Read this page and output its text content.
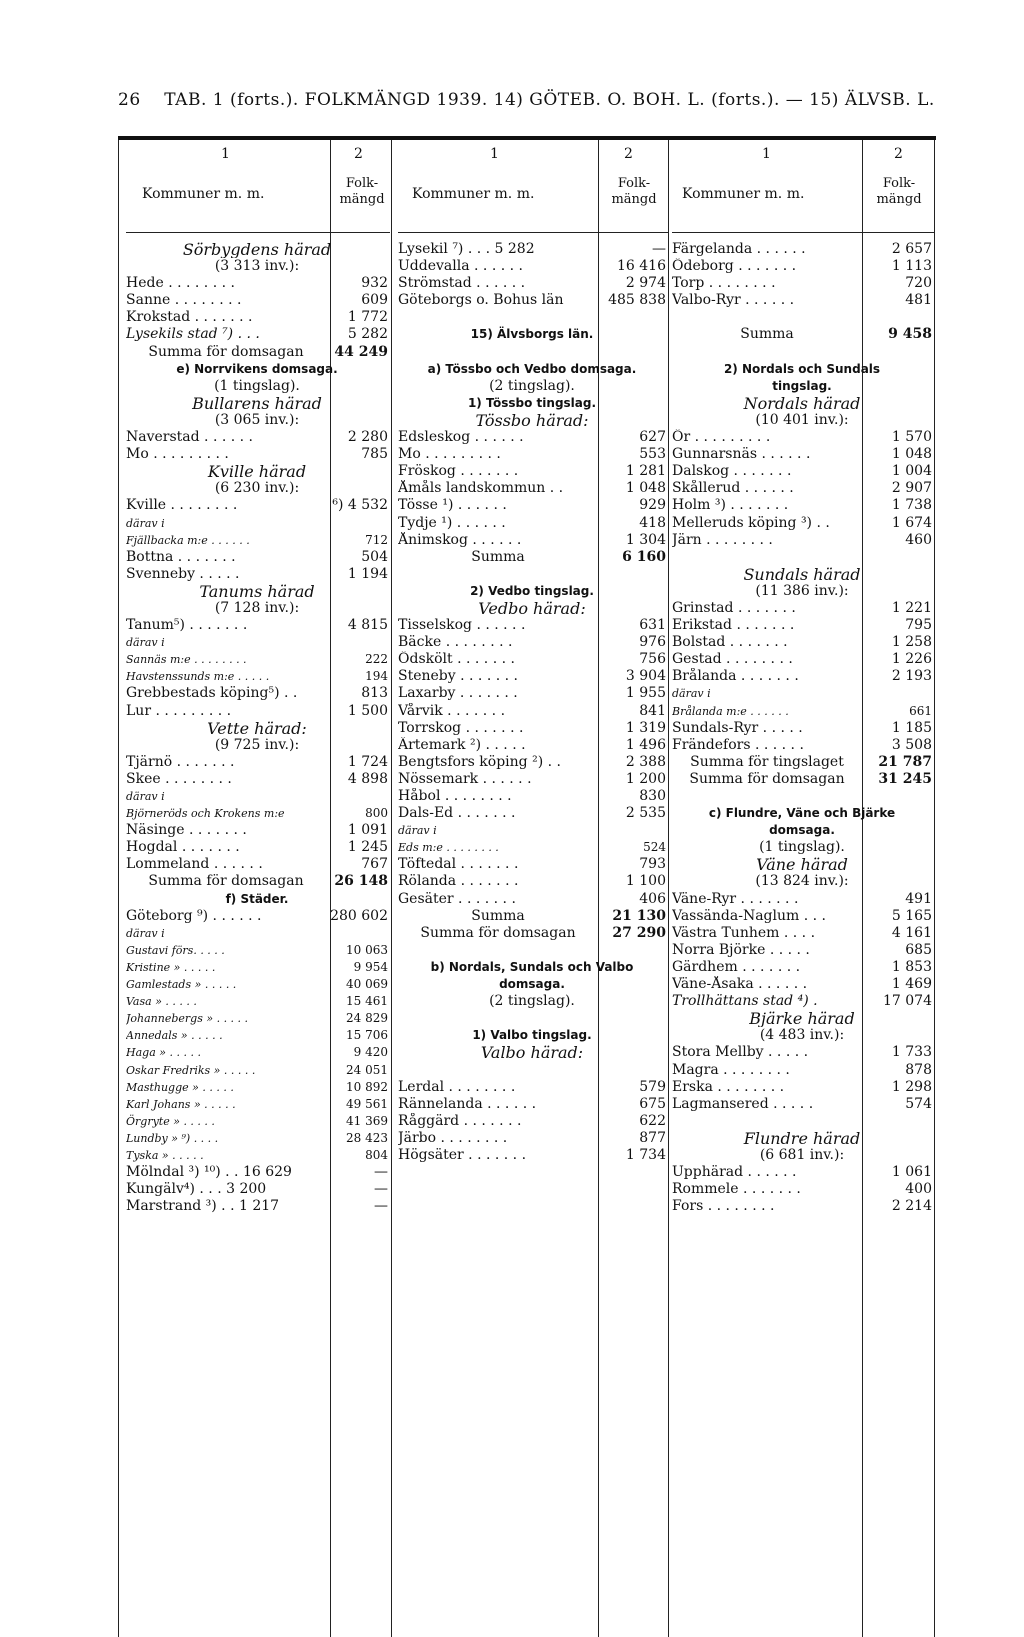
26 TAB. 1 (forts.). FOLKMÄNGD 1939. 14) GÖTEB. O. BOH. L. (forts.). — 15) ÄLVSB. L.
1	2
Kommuner m. m.
Folk-
mängd
Sörbygdens härad
(3 313 inv.):
Hede . . . . . . . .	932
Sanne . . . . . . . .	609
Krokstad . . . . . . .	1 772
Lysekils stad ⁷) . . .	5 282
Summa för domsagan	44 249
e) Norrvikens domsaga.
(1 tingslag).
Bullarens härad
(3 065 inv.):
Naverstad . . . . . .	2 280
Mo . . . . . . . . .	785
Kville härad
(6 230 inv.):
Kville . . . . . . . .	⁶) 4 532
därav i
Fjällbacka m:e . . . . . .	712
Bottna . . . . . . .	504
Svenneby . . . . .	1 194
Tanums härad
(7 128 inv.):
Tanum⁵) . . . . . . .	4 815
därav i
Sannäs m:e . . . . . . . .	222
Havstenssunds m:e . . . . .	194
Grebbestads köping⁵) . .	813
Lur . . . . . . . . .	1 500
Vette härad:
(9 725 inv.):
Tjärnö . . . . . . .	1 724
Skee . . . . . . . .	4 898
därav i
Björneröds och Krokens m:e	800
Näsinge . . . . . . .	1 091
Hogdal . . . . . . .	1 245
Lommeland . . . . . .	767
Summa för domsagan	26 148
f) Städer.
Göteborg ⁹) . . . . . .	280 602
därav i
Gustavi förs. . . . .	10 063
Kristine » . . . . .	9 954
Gamlestads » . . . . .	40 069
Vasa » . . . . .	15 461
Johannebergs » . . . . .	24 829
Annedals » . . . . .	15 706
Haga » . . . . .	9 420
Oskar Fredriks » . . . . .	24 051
Masthugge » . . . . .	10 892
Karl Johans » . . . . .	49 561
Örgryte » . . . . .	41 369
Lundby » ⁹) . . . .	28 423
Tyska » . . . . .	804
Mölndal ³) ¹⁰) . . 16 629	—
Kungälv⁴) . . . 3 200	—
Marstrand ³) . . 1 217	—
1	2
Kommuner m. m.
Folk-
mängd
Lysekil ⁷) . . . 5 282	—
Uddevalla . . . . . .	16 416
Strömstad . . . . . .	2 974
Göteborgs o. Bohus län	485 838
15) Älvsborgs län.
a) Tössbo och Vedbo domsaga.
(2 tingslag).
1) Tössbo tingslag.
Tössbo härad:
Edsleskog . . . . . .	627
Mo . . . . . . . . .	553
Fröskog . . . . . . .	1 281
Åmåls landskommun . .	1 048
Tösse ¹) . . . . . .	929
Tydje ¹) . . . . . .	418
Ånimskog . . . . . .	1 304
Summa	6 160
2) Vedbo tingslag.
Vedbo härad:
Tisselskog . . . . . .	631
Bäcke . . . . . . . .	976
Ödskölt . . . . . . .	756
Steneby . . . . . . .	3 904
Laxarby . . . . . . .	1 955
Vårvik . . . . . . .	841
Torrskog . . . . . . .	1 319
Ärtemark ²) . . . . .	1 496
Bengtsfors köping ²) . .	2 388
Nössemark . . . . . .	1 200
Håbol . . . . . . . .	830
Dals-Ed . . . . . . .	2 535
därav i
Eds m:e . . . . . . . .	524
Töftedal . . . . . . .	793
Rölanda . . . . . . .	1 100
Gesäter . . . . . . .	406
Summa	21 130
Summa för domsagan	27 290
b) Nordals, Sundals och Valbo
domsaga.
(2 tingslag).
1) Valbo tingslag.
Valbo härad:
Lerdal . . . . . . . .	579
Rännelanda . . . . . .	675
Råggärd . . . . . . .	622
Järbo . . . . . . . .	877
Högsäter . . . . . . .	1 734
1	2
Kommuner m. m.
Folk-
mängd
Färgelanda . . . . . .	2 657
Ödeborg . . . . . . .	1 113
Torp . . . . . . . .	720
Valbo-Ryr . . . . . .	481
Summa	9 458
2) Nordals och Sundals
tingslag.
Nordals härad
(10 401 inv.):
Ör . . . . . . . . .	1 570
Gunnarsnäs . . . . . .	1 048
Dalskog . . . . . . .	1 004
Skållerud . . . . . .	2 907
Holm ³) . . . . . . .	1 738
Melleruds köping ³) . .	1 674
Järn . . . . . . . .	460
Sundals härad
(11 386 inv.):
Grinstad . . . . . . .	1 221
Erikstad . . . . . . .	795
Bolstad . . . . . . .	1 258
Gestad . . . . . . . .	1 226
Brålanda . . . . . . .	2 193
därav i
Brålanda m:e . . . . . .	661
Sundals-Ryr . . . . .	1 185
Frändefors . . . . . .	3 508
Summa för tingslaget	21 787
Summa för domsagan	31 245
c) Flundre, Väne och Bjärke
domsaga.
(1 tingslag).
Väne härad
(13 824 inv.):
Väne-Ryr . . . . . . .	491
Vassända-Naglum . . .	5 165
Västra Tunhem . . . .	4 161
Norra Björke . . . . .	685
Gärdhem . . . . . . .	1 853
Väne-Åsaka . . . . . .	1 469
Trollhättans stad ⁴) .	17 074
Bjärke härad
(4 483 inv.):
Stora Mellby . . . . .	1 733
Magra . . . . . . . .	878
Erska . . . . . . . .	1 298
Lagmansered . . . . .	574
Flundre härad
(6 681 inv.):
Upphärad . . . . . .	1 061
Rommele . . . . . . .	400
Fors . . . . . . . .	2 214
